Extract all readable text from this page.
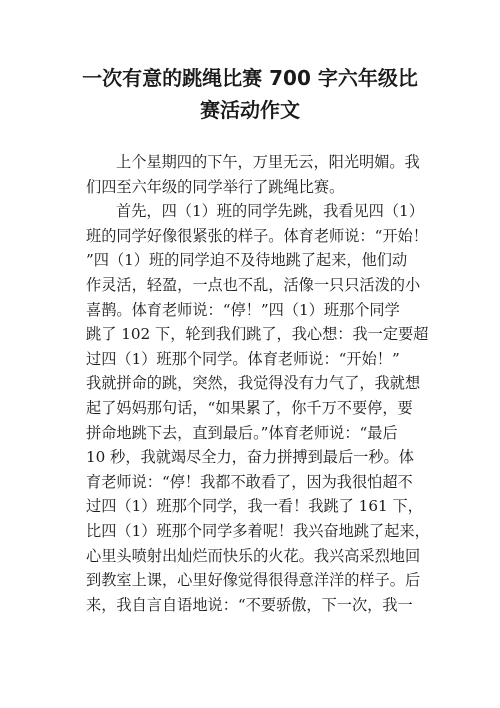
一次有意的跳绳比赛 700 字六年级比
赛活动作文
上个星期四的下午，万里无云，阳光明媚。我
们四至六年级的同学举行了跳绳比赛。
首先，四（1）班的同学先跳，我看见四（1）
班的同学好像很紧张的样子。体育老师说：“开始！
”四（1）班的同学迫不及待地跳了起来，他们动
作灵活，轻盈，一点也不乱，活像一只只活泼的小
喜鹊。体育老师说：“停！”四（1）班那个同学
跳了 102 下，轮到我们跳了，我心想：我一定要超
过四（1）班那个同学。体育老师说：“开始！”
我就拼命的跳，突然，我觉得没有力气了，我就想
起了妈妈那句话，“如果累了，你千万不要停，要
拼命地跳下去，直到最后。”体育老师说：“最后
10 秒，我就竭尽全力，奋力拼搏到最后一秒。体
育老师说：“停！我都不敢看了，因为我很怕超不
过四（1）班那个同学，我一看！我跳了 161 下，
比四（1）班那个同学多着呢！我兴奋地跳了起来，
心里头喷射出灿烂而快乐的火花。我兴高采烈地回
到教室上课，心里好像觉得很得意洋洋的样子。后
来，我自言自语地说：“不要骄傲，下一次，我一
